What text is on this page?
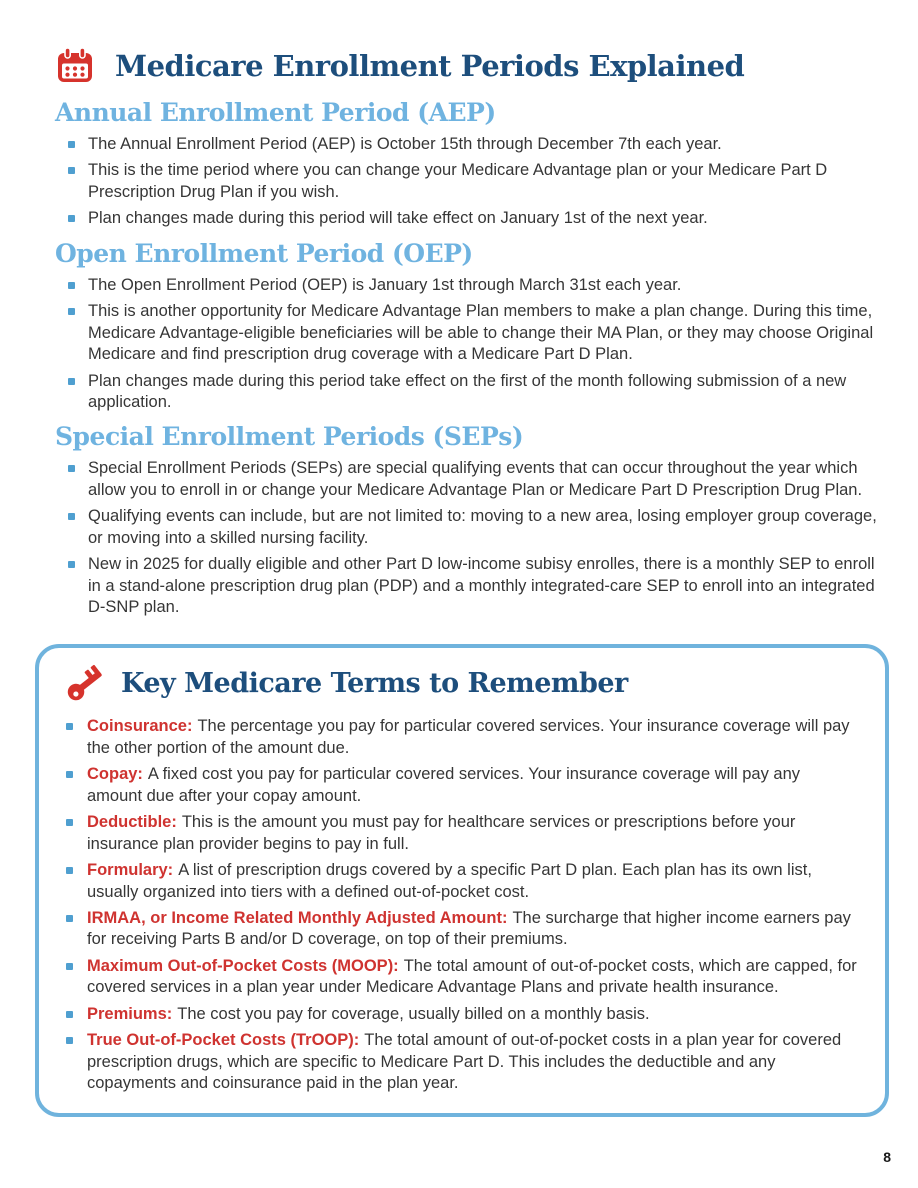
Medicare Enrollment Periods Explained
Annual Enrollment Period (AEP)
The Annual Enrollment Period (AEP) is October 15th through December 7th each year.
This is the time period where you can change your Medicare Advantage plan or your Medicare Part D Prescription Drug Plan if you wish.
Plan changes made during this period will take effect on January 1st of the next year.
Open Enrollment Period (OEP)
The Open Enrollment Period (OEP) is January 1st through March 31st each year.
This is another opportunity for Medicare Advantage Plan members to make a plan change. During this time, Medicare Advantage-eligible beneficiaries will be able to change their MA Plan, or they may choose Original Medicare and find prescription drug coverage with a Medicare Part D Plan.
Plan changes made during this period take effect on the first of the month following submission of a new application.
Special Enrollment Periods (SEPs)
Special Enrollment Periods (SEPs) are special qualifying events that can occur throughout the year which allow you to enroll in or change your Medicare Advantage Plan or Medicare Part D Prescription Drug Plan.
Qualifying events can include, but are not limited to: moving to a new area, losing employer group coverage, or moving into a skilled nursing facility.
New in 2025 for dually eligible and other Part D low-income subisy enrolles, there is a monthly SEP to enroll in a stand-alone prescription drug plan (PDP) and a monthly integrated-care SEP to enroll into an integrated D-SNP plan.
Key Medicare Terms to Remember
Coinsurance: The percentage you pay for particular covered services. Your insurance coverage will pay the other portion of the amount due.
Copay: A fixed cost you pay for particular covered services. Your insurance coverage will pay any amount due after your copay amount.
Deductible: This is the amount you must pay for healthcare services or prescriptions before your insurance plan provider begins to pay in full.
Formulary: A list of prescription drugs covered by a specific Part D plan. Each plan has its own list, usually organized into tiers with a defined out-of-pocket cost.
IRMAA, or Income Related Monthly Adjusted Amount: The surcharge that higher income earners pay for receiving Parts B and/or D coverage, on top of their premiums.
Maximum Out-of-Pocket Costs (MOOP): The total amount of out-of-pocket costs, which are capped, for covered services in a plan year under Medicare Advantage Plans and private health insurance.
Premiums: The cost you pay for coverage, usually billed on a monthly basis.
True Out-of-Pocket Costs (TrOOP): The total amount of out-of-pocket costs in a plan year for covered prescription drugs, which are specific to Medicare Part D. This includes the deductible and any copayments and coinsurance paid in the plan year.
8
